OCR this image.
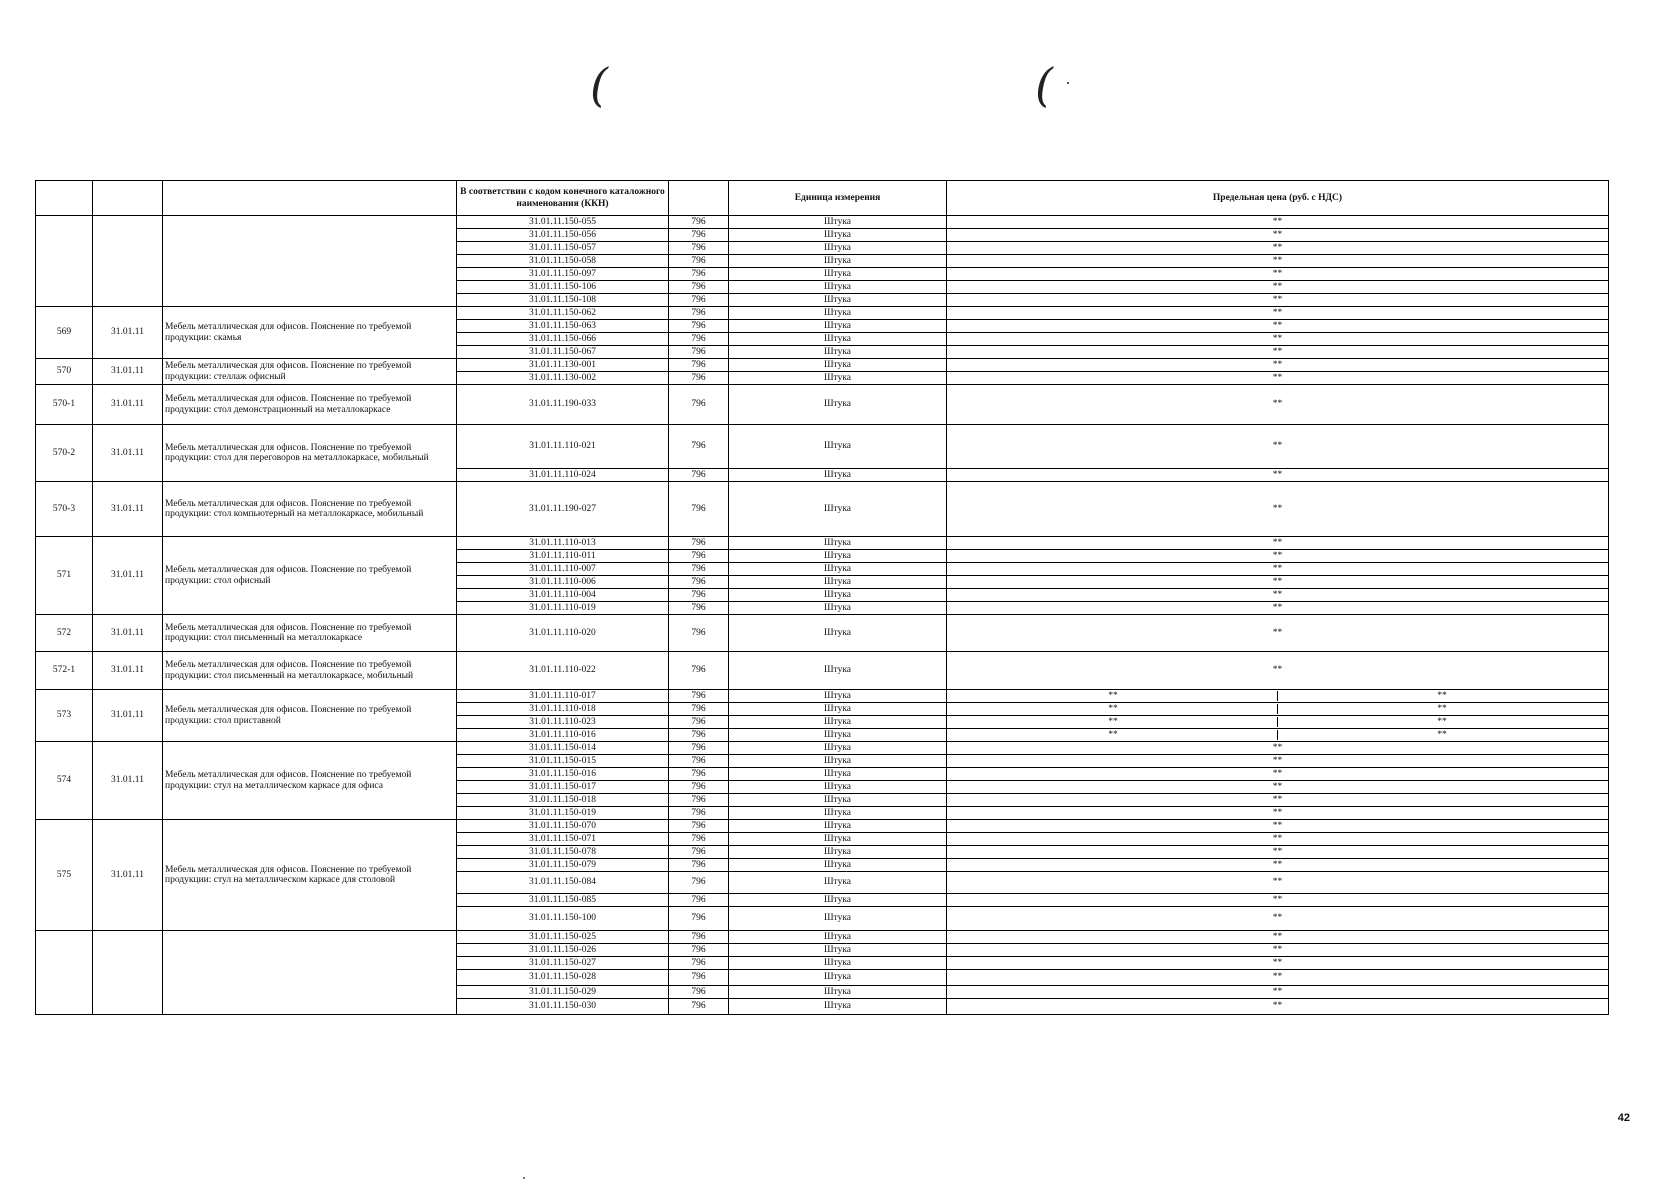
(	(
			В соответствии с кодом конечного каталожного наименования (ККН)		Единица измерения	Предельная цена (руб. с НДС)
			31.01.11.150-055	796	Штука	**
			31.01.11.150-056	796	Штука	**
			31.01.11.150-057	796	Штука	**
			31.01.11.150-058	796	Штука	**
			31.01.11.150-097	796	Штука	**
			31.01.11.150-106	796	Штука	**
			31.01.11.150-108	796	Штука	**
569	31.01.11	Мебель металлическая для офисов. Пояснение по требуемой продукции: скамья	31.01.11.150-062	796	Штука	**
			31.01.11.150-063	796	Штука	**
			31.01.11.150-066	796	Штука	**
			31.01.11.150-067	796	Штука	**
570	31.01.11	Мебель металлическая для офисов. Пояснение по требуемой продукции: стеллаж офисный	31.01.11.130-001	796	Штука	**
			31.01.11.130-002	796	Штука	**
570-1	31.01.11	Мебель металлическая для офисов. Пояснение по требуемой продукции: стол демонстрационный на металлокаркасе	31.01.11.190-033	796	Штука	**
570-2	31.01.11	Мебель металлическая для офисов. Пояснение по требуемой продукции: стол для переговоров на металлокаркасе, мобильный	31.01.11.110-021	796	Штука	**
			31.01.11.110-024	796	Штука	**
570-3	31.01.11	Мебель металлическая для офисов. Пояснение по требуемой продукции: стол компьютерный на металлокаркасе, мобильный	31.01.11.190-027	796	Штука	**
571	31.01.11	Мебель металлическая для офисов. Пояснение по требуемой продукции: стол офисный	31.01.11.110-013	796	Штука	**
			31.01.11.110-011	796	Штука	**
			31.01.11.110-007	796	Штука	**
			31.01.11.110-006	796	Штука	**
			31.01.11.110-004	796	Штука	**
			31.01.11.110-019	796	Штука	**
572	31.01.11	Мебель металлическая для офисов. Пояснение по требуемой продукции: стол письменный на металлокаркасе	31.01.11.110-020	796	Штука	**
572-1	31.01.11	Мебель металлическая для офисов. Пояснение по требуемой продукции: стол письменный на металлокаркасе, мобильный	31.01.11.110-022	796	Штука	**
573	31.01.11	Мебель металлическая для офисов. Пояснение по требуемой продукции: стол приставной	31.01.11.110-017	796	Штука	** **

			31.01.11.110-018	796	Штука	** **

			31.01.11.110-023	796	Штука	** **

			31.01.11.110-016	796	Штука	** **

574	31.01.11	Мебель металлическая для офисов. Пояснение по требуемой продукции: стул на металлическом каркасе для офиса	31.01.11.150-014	796	Штука	**
			31.01.11.150-015	796	Штука	**
			31.01.11.150-016	796	Штука	**
			31.01.11.150-017	796	Штука	**
			31.01.11.150-018	796	Штука	**
			31.01.11.150-019	796	Штука	**
575	31.01.11	Мебель металлическая для офисов. Пояснение по требуемой продукции: стул на металлическом каркасе для столовой	31.01.11.150-070	796	Штука	**
			31.01.11.150-071	796	Штука	**
			31.01.11.150-078	796	Штука	**
			31.01.11.150-079	796	Штука	**
			31.01.11.150-084	796	Штука	**
			31.01.11.150-085	796	Штука	**
			31.01.11.150-100	796	Штука	**
			31.01.11.150-025	796	Штука	**
			31.01.11.150-026	796	Штука	**
			31.01.11.150-027	796	Штука	**
			31.01.11.150-028	796	Штука	**
			31.01.11.150-029	796	Штука	**
			31.01.11.150-030	796	Штука	**
42
